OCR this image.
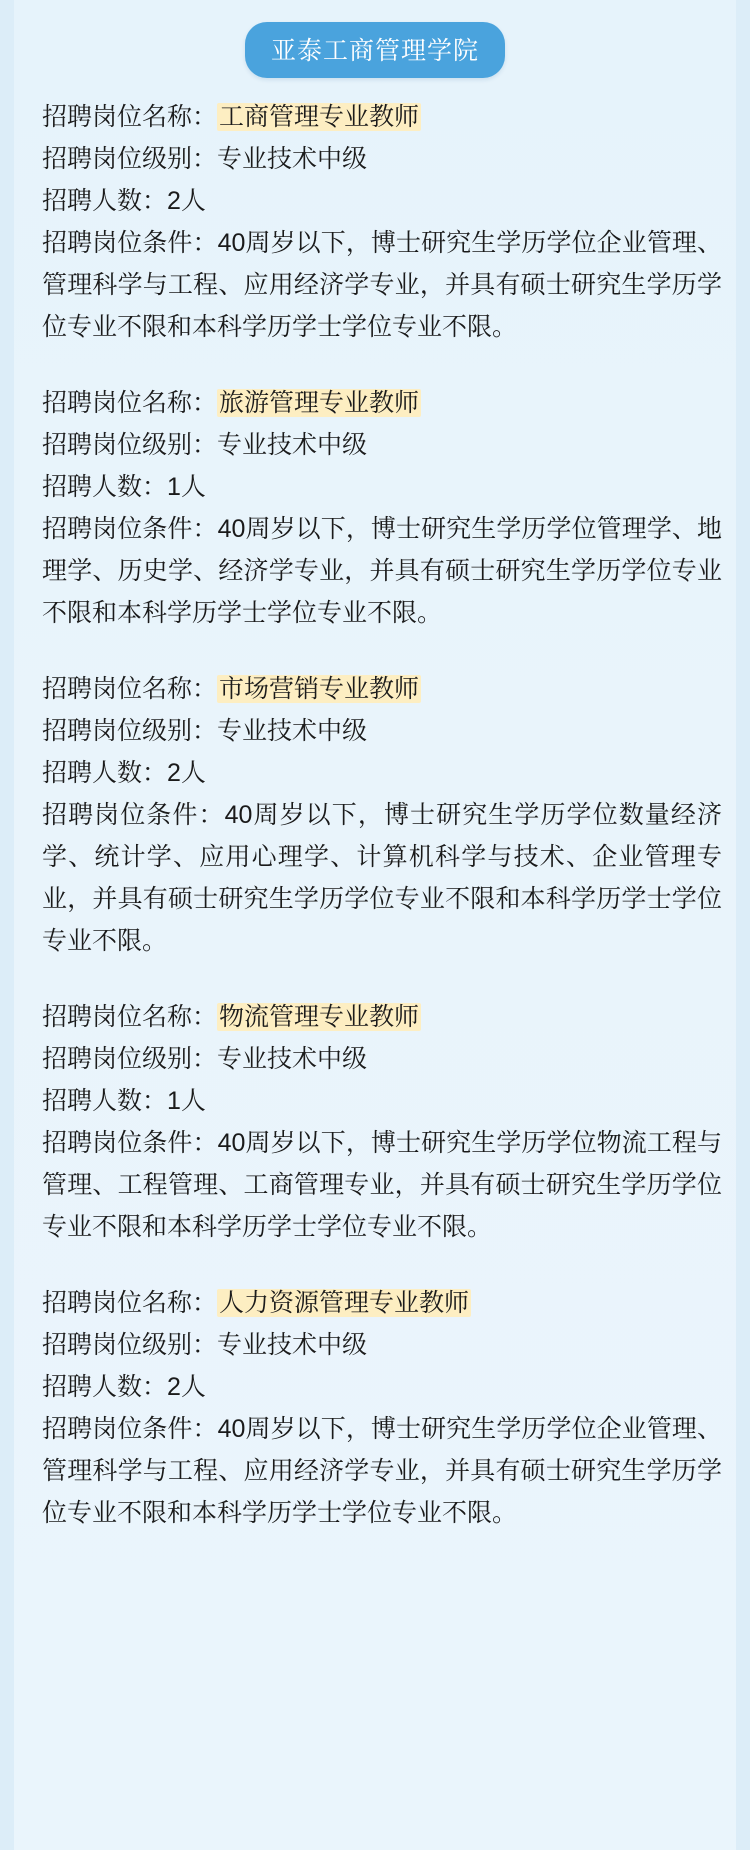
亚泰工商管理学院
招聘岗位名称：工商管理专业教师
招聘岗位级别：专业技术中级
招聘人数：2人
招聘岗位条件：40周岁以下，博士研究生学历学位企业管理、管理科学与工程、应用经济学专业，并具有硕士研究生学历学位专业不限和本科学历学士学位专业不限。
招聘岗位名称：旅游管理专业教师
招聘岗位级别：专业技术中级
招聘人数：1人
招聘岗位条件：40周岁以下，博士研究生学历学位管理学、地理学、历史学、经济学专业，并具有硕士研究生学历学位专业不限和本科学历学士学位专业不限。
招聘岗位名称：市场营销专业教师
招聘岗位级别：专业技术中级
招聘人数：2人
招聘岗位条件：40周岁以下，博士研究生学历学位数量经济学、统计学、应用心理学、计算机科学与技术、企业管理专业，并具有硕士研究生学历学位专业不限和本科学历学士学位专业不限。
招聘岗位名称：物流管理专业教师
招聘岗位级别：专业技术中级
招聘人数：1人
招聘岗位条件：40周岁以下，博士研究生学历学位物流工程与管理、工程管理、工商管理专业，并具有硕士研究生学历学位专业不限和本科学历学士学位专业不限。
招聘岗位名称：人力资源管理专业教师
招聘岗位级别：专业技术中级
招聘人数：2人
招聘岗位条件：40周岁以下，博士研究生学历学位企业管理、管理科学与工程、应用经济学专业，并具有硕士研究生学历学位专业不限和本科学历学士学位专业不限。
